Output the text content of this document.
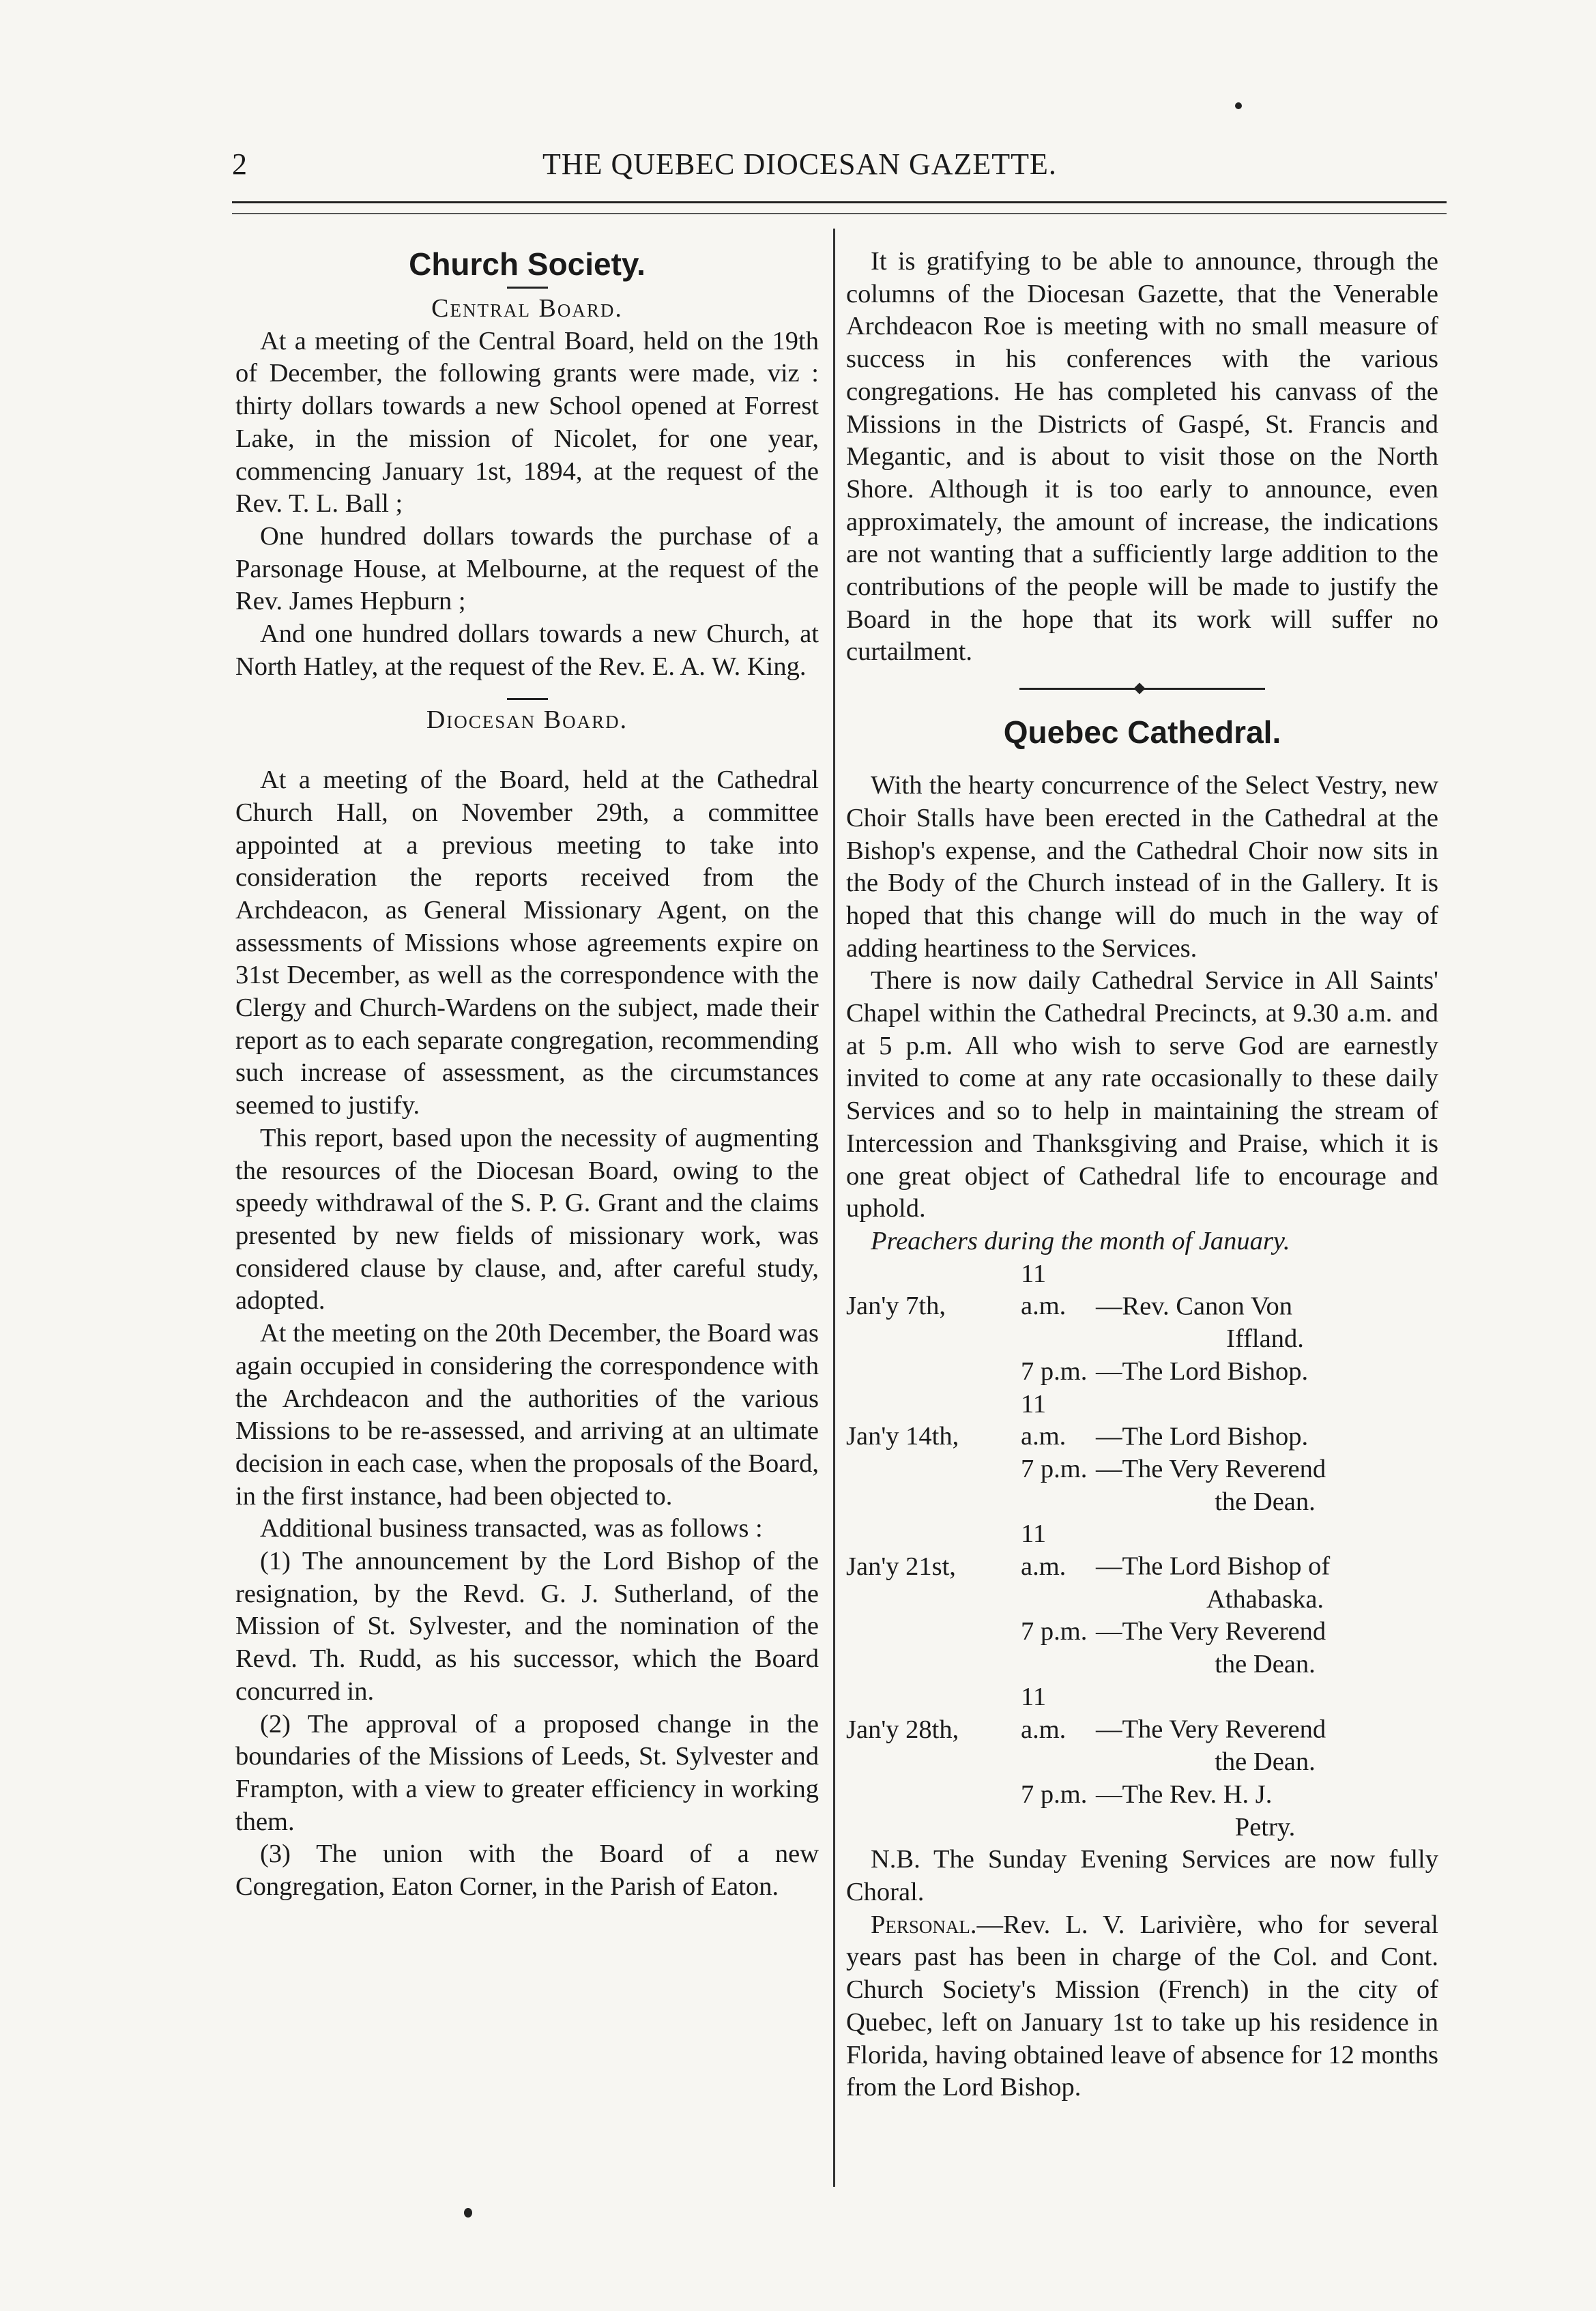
2	THE QUEBEC DIOCESAN GAZETTE.
Church Society.

Central Board.

At a meeting of the Central Board, held on the 19th of December, the following grants were made, viz : thirty dollars towards a new School opened at Forrest Lake, in the mission of Nicolet, for one year, commencing January 1st, 1894, at the request of the Rev. T. L. Ball ;

One hundred dollars towards the purchase of a Parsonage House, at Melbourne, at the request of the Rev. James Hepburn ;

And one hundred dollars towards a new Church, at North Hatley, at the request of the Rev. E. A. W. King.

Diocesan Board.

At a meeting of the Board, held at the Cathedral Church Hall, on November 29th, a committee appointed at a previous meeting to take into consideration the reports received from the Archdeacon, as General Missionary Agent, on the assessments of Missions whose agreements expire on 31st December, as well as the correspondence with the Clergy and Church-Wardens on the subject, made their report as to each separate congregation, recommending such increase of assessment, as the circumstances seemed to justify.

This report, based upon the necessity of augmenting the resources of the Diocesan Board, owing to the speedy withdrawal of the S. P. G. Grant and the claims presented by new fields of missionary work, was considered clause by clause, and, after careful study, adopted.

At the meeting on the 20th December, the Board was again occupied in considering the correspondence with the Archdeacon and the authorities of the various Missions to be re-assessed, and arriving at an ultimate decision in each case, when the proposals of the Board, in the first instance, had been objected to.

Additional business transacted, was as follows :

(1) The announcement by the Lord Bishop of the resignation, by the Revd. G. J. Sutherland, of the Mission of St. Sylvester, and the nomination of the Revd. Th. Rudd, as his successor, which the Board concurred in.

(2) The approval of a proposed change in the boundaries of the Missions of Leeds, St. Sylvester and Frampton, with a view to greater efficiency in working them.

(3) The union with the Board of a new Congregation, Eaton Corner, in the Parish of Eaton.

It is gratifying to be able to announce, through the columns of the Diocesan Gazette, that the Venerable Archdeacon Roe is meeting with no small measure of success in his conferences with the various congregations. He has completed his canvass of the Missions in the Districts of Gaspé, St. Francis and Megantic, and is about to visit those on the North Shore. Although it is too early to announce, even approximately, the amount of increase, the indications are not wanting that a sufficiently large addition to the contributions of the people will be made to justify the Board in the hope that its work will suffer no curtailment.

Quebec Cathedral.

With the hearty concurrence of the Select Vestry, new Choir Stalls have been erected in the Cathedral at the Bishop's expense, and the Cathedral Choir now sits in the Body of the Church instead of in the Gallery. It is hoped that this change will do much in the way of adding heartiness to the Services.

There is now daily Cathedral Service in All Saints' Chapel within the Cathedral Precincts, at 9.30 a.m. and at 5 p.m. All who wish to serve God are earnestly invited to come at any rate occasionally to these daily Services and so to help in maintaining the stream of Intercession and Thanksgiving and Praise, which it is one great object of Cathedral life to encourage and uphold.

Preachers during the month of January.

Jan'y 7th,11 a.m. —Rev. Canon Von
Iffland.

7 p.m. —The Lord Bishop.

Jan'y 14th,11 a.m. —The Lord Bishop.

7 p.m. —The Very Reverend
the Dean.

Jan'y 21st,11 a.m. —The Lord Bishop of
Athabaska.

7 p.m. —The Very Reverend
the Dean.

Jan'y 28th,11 a.m. —The Very Reverend
the Dean.

7 p.m. —The Rev. H. J.
Petry.

N.B. The Sunday Evening Services are now fully Choral.

Personal.—Rev. L. V. Larivière, who for several years past has been in charge of the Col. and Cont. Church Society's Mission (French) in the city of Quebec, left on January 1st to take up his residence in Florida, having obtained leave of absence for 12 months from the Lord Bishop.
